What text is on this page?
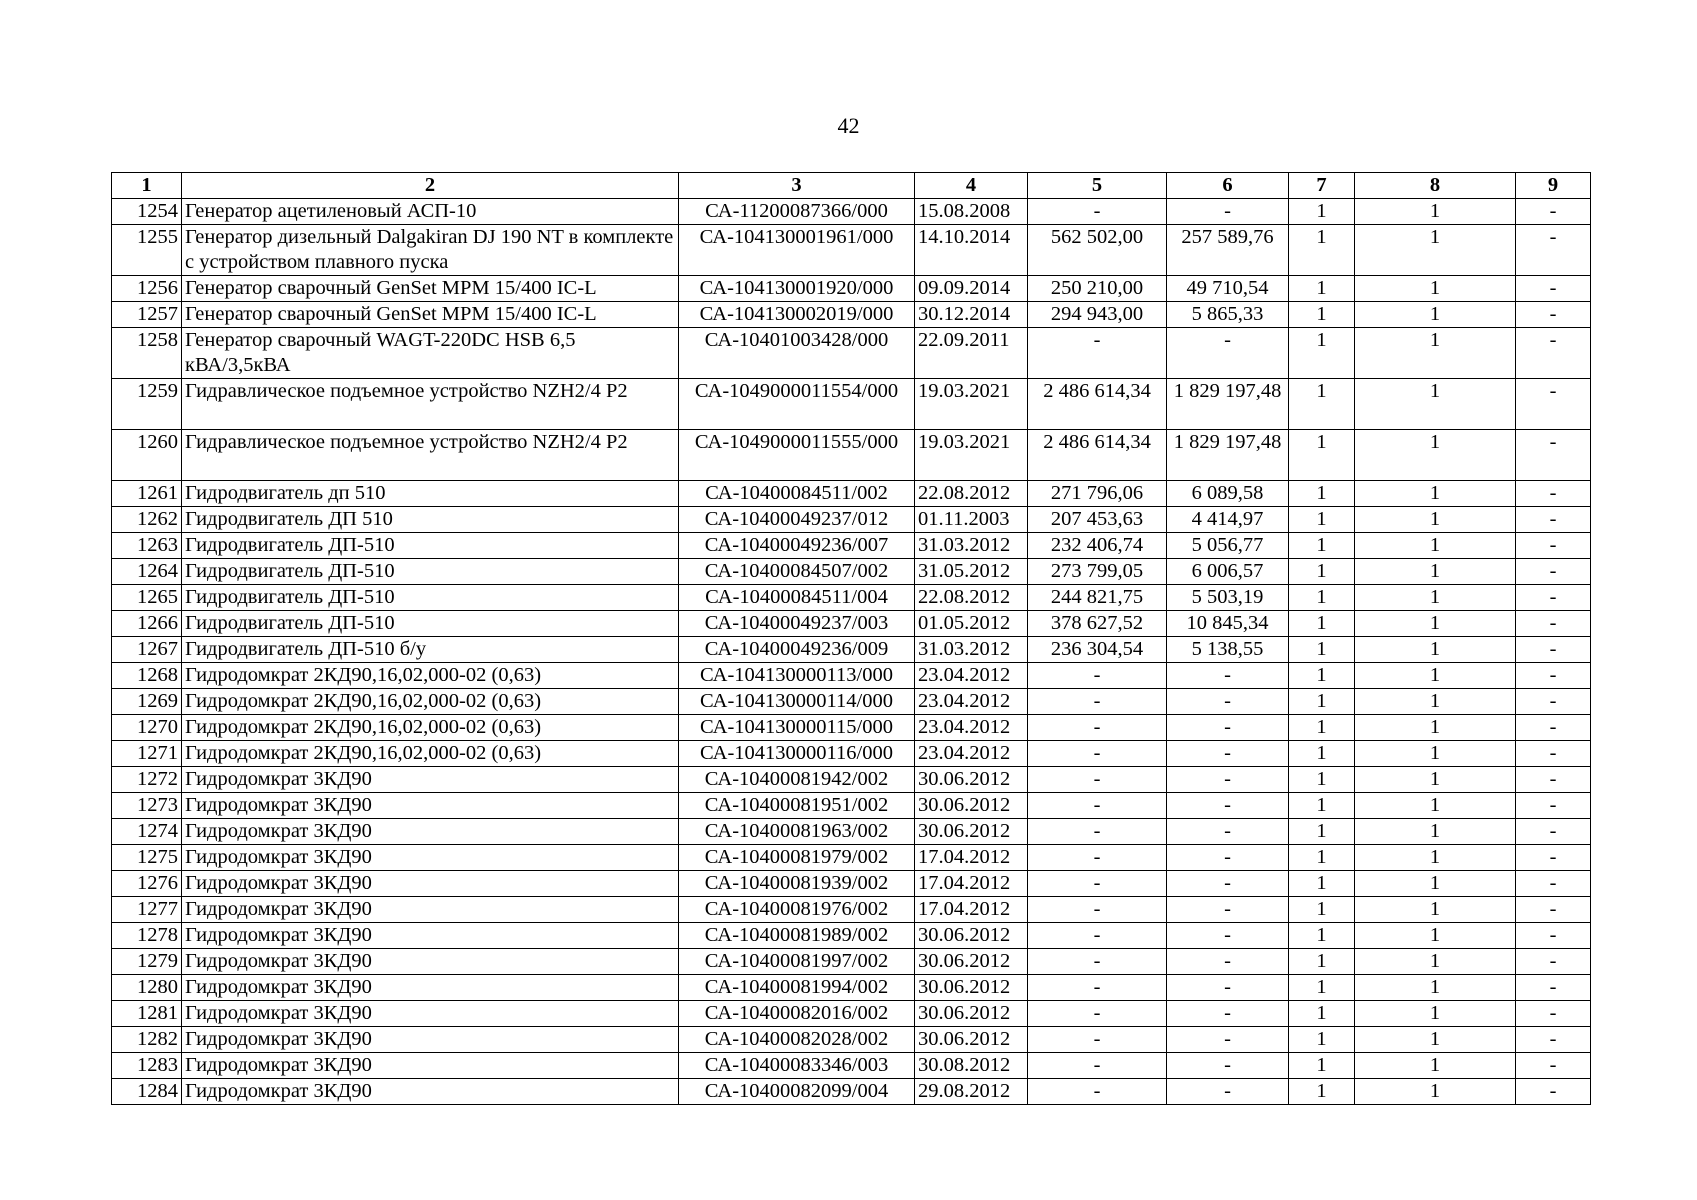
42
1	2	3	4	5	6	7	8	9
1254	Генератор ацетиленовый АСП-10	СА-11200087366/000	15.08.2008	-	-	1	1	-
1255	Генератор дизельный Dalgakiran DJ 190 NT в комплекте с устройством плавного пуска	СА-104130001961/000	14.10.2014	562 502,00	257 589,76	1	1	-
1256	Генератор сварочный GenSet MPM 15/400 IC-L	СА-104130001920/000	09.09.2014	250 210,00	49 710,54	1	1	-
1257	Генератор сварочный GenSet MPM 15/400 IC-L	СА-104130002019/000	30.12.2014	294 943,00	5 865,33	1	1	-
1258	Генератор сварочный WAGT-220DC HSB 6,5 кВА/3,5кВА	СА-10401003428/000	22.09.2011	-	-	1	1	-
1259	Гидравлическое подъемное устройство NZH2/4 P2	СА-1049000011554/000	19.03.2021	2 486 614,34	1 829 197,48	1	1	-
1260	Гидравлическое подъемное устройство NZH2/4 P2	СА-1049000011555/000	19.03.2021	2 486 614,34	1 829 197,48	1	1	-
1261	Гидродвигатель дп 510	СА-10400084511/002	22.08.2012	271 796,06	6 089,58	1	1	-
1262	Гидродвигатель ДП 510	СА-10400049237/012	01.11.2003	207 453,63	4 414,97	1	1	-
1263	Гидродвигатель ДП-510	СА-10400049236/007	31.03.2012	232 406,74	5 056,77	1	1	-
1264	Гидродвигатель ДП-510	СА-10400084507/002	31.05.2012	273 799,05	6 006,57	1	1	-
1265	Гидродвигатель ДП-510	СА-10400084511/004	22.08.2012	244 821,75	5 503,19	1	1	-
1266	Гидродвигатель ДП-510	СА-10400049237/003	01.05.2012	378 627,52	10 845,34	1	1	-
1267	Гидродвигатель ДП-510 б/у	СА-10400049236/009	31.03.2012	236 304,54	5 138,55	1	1	-
1268	Гидродомкрат 2КД90,16,02,000-02 (0,63)	СА-104130000113/000	23.04.2012	-	-	1	1	-
1269	Гидродомкрат 2КД90,16,02,000-02 (0,63)	СА-104130000114/000	23.04.2012	-	-	1	1	-
1270	Гидродомкрат 2КД90,16,02,000-02 (0,63)	СА-104130000115/000	23.04.2012	-	-	1	1	-
1271	Гидродомкрат 2КД90,16,02,000-02 (0,63)	СА-104130000116/000	23.04.2012	-	-	1	1	-
1272	Гидродомкрат 3КД90	СА-10400081942/002	30.06.2012	-	-	1	1	-
1273	Гидродомкрат 3КД90	СА-10400081951/002	30.06.2012	-	-	1	1	-
1274	Гидродомкрат 3КД90	СА-10400081963/002	30.06.2012	-	-	1	1	-
1275	Гидродомкрат 3КД90	СА-10400081979/002	17.04.2012	-	-	1	1	-
1276	Гидродомкрат 3КД90	СА-10400081939/002	17.04.2012	-	-	1	1	-
1277	Гидродомкрат 3КД90	СА-10400081976/002	17.04.2012	-	-	1	1	-
1278	Гидродомкрат 3КД90	СА-10400081989/002	30.06.2012	-	-	1	1	-
1279	Гидродомкрат 3КД90	СА-10400081997/002	30.06.2012	-	-	1	1	-
1280	Гидродомкрат 3КД90	СА-10400081994/002	30.06.2012	-	-	1	1	-
1281	Гидродомкрат 3КД90	СА-10400082016/002	30.06.2012	-	-	1	1	-
1282	Гидродомкрат 3КД90	СА-10400082028/002	30.06.2012	-	-	1	1	-
1283	Гидродомкрат 3КД90	СА-10400083346/003	30.08.2012	-	-	1	1	-
1284	Гидродомкрат 3КД90	СА-10400082099/004	29.08.2012	-	-	1	1	-
